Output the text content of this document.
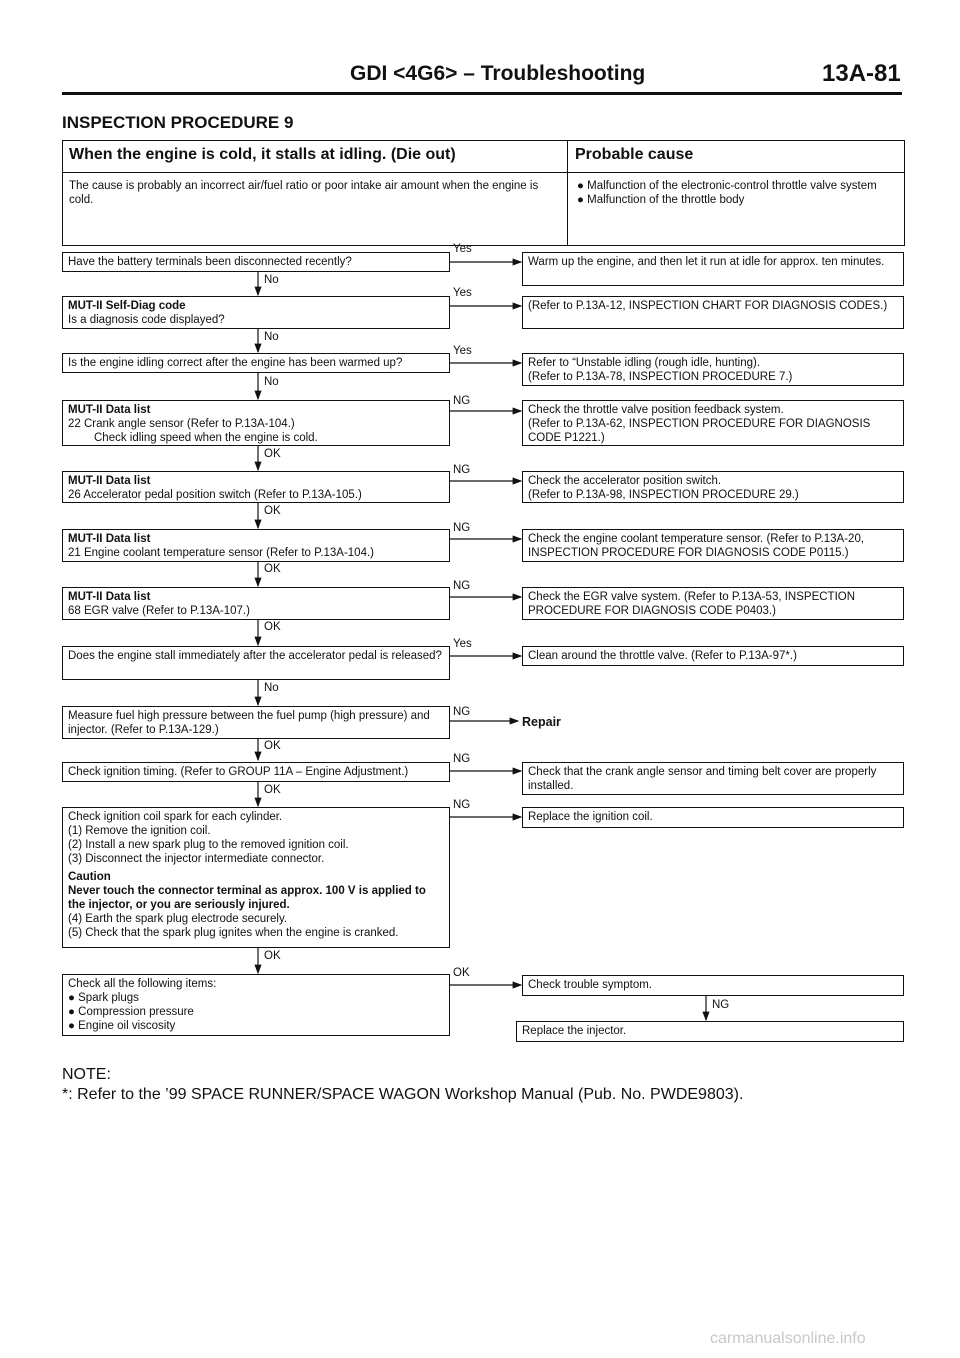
GDI <4G6> – Troubleshooting	13A-81
INSPECTION PROCEDURE 9
When the engine is cold, it stalls at idling. (Die out)	Probable cause
The cause is probably an incorrect air/fuel ratio or poor intake air amount when the engine is cold.
● Malfunction of the electronic-control throttle valve system
● Malfunction of the throttle body
Have the battery terminals been disconnected recently?
Yes
Warm up the engine, and then let it run at idle for approx. ten minutes.
No
MUT-II Self-Diag code
Is a diagnosis code displayed?
Yes
(Refer to P.13A-12, INSPECTION CHART FOR DIAGNOSIS CODES.)
No
Is the engine idling correct after the engine has been warmed up?
Yes
Refer to “Unstable idling (rough idle, hunting).
(Refer to P.13A-78, INSPECTION PROCEDURE 7.)
No
MUT-II Data list
22 Crank angle sensor (Refer to P.13A-104.)
Check idling speed when the engine is cold.
NG
Check the throttle valve position feedback system.
(Refer to P.13A-62, INSPECTION PROCEDURE FOR DIAGNOSIS CODE P1221.)
OK
MUT-II Data list
26 Accelerator pedal position switch (Refer to P.13A-105.)
NG
Check the accelerator position switch.
(Refer to P.13A-98, INSPECTION PROCEDURE 29.)
OK
MUT-II Data list
21 Engine coolant temperature sensor (Refer to P.13A-104.)
NG
Check the engine coolant temperature sensor. (Refer to P.13A-20, INSPECTION PROCEDURE FOR DIAGNOSIS CODE P0115.)
OK
MUT-II Data list
68 EGR valve (Refer to P.13A-107.)
NG
Check the EGR valve system. (Refer to P.13A-53, INSPECTION PROCEDURE FOR DIAGNOSIS CODE P0403.)
OK
Does the engine stall immediately after the accelerator pedal is released?
Yes
Clean around the throttle valve. (Refer to P.13A-97*.)
No
Measure fuel high pressure between the fuel pump (high pressure) and injector. (Refer to P.13A-129.)
NG
Repair
OK
Check ignition timing. (Refer to GROUP 11A – Engine Adjustment.)
NG
Check that the crank angle sensor and timing belt cover are properly installed.
OK
Check ignition coil spark for each cylinder.
(1) Remove the ignition coil.
(2) Install a new spark plug to the removed ignition coil.
(3) Disconnect the injector intermediate connector.
Caution
Never touch the connector terminal as approx. 100 V is applied to the injector, or you are seriously injured.
(4) Earth the spark plug electrode securely.
(5) Check that the spark plug ignites when the engine is cranked.
NG
Replace the ignition coil.
OK
Check all the following items:
● Spark plugs
● Compression pressure
● Engine oil viscosity
OK
Check trouble symptom.
NG
Replace the injector.
NOTE:
*: Refer to the ’99 SPACE RUNNER/SPACE WAGON Workshop Manual (Pub. No. PWDE9803).
carmanualsonline.info
